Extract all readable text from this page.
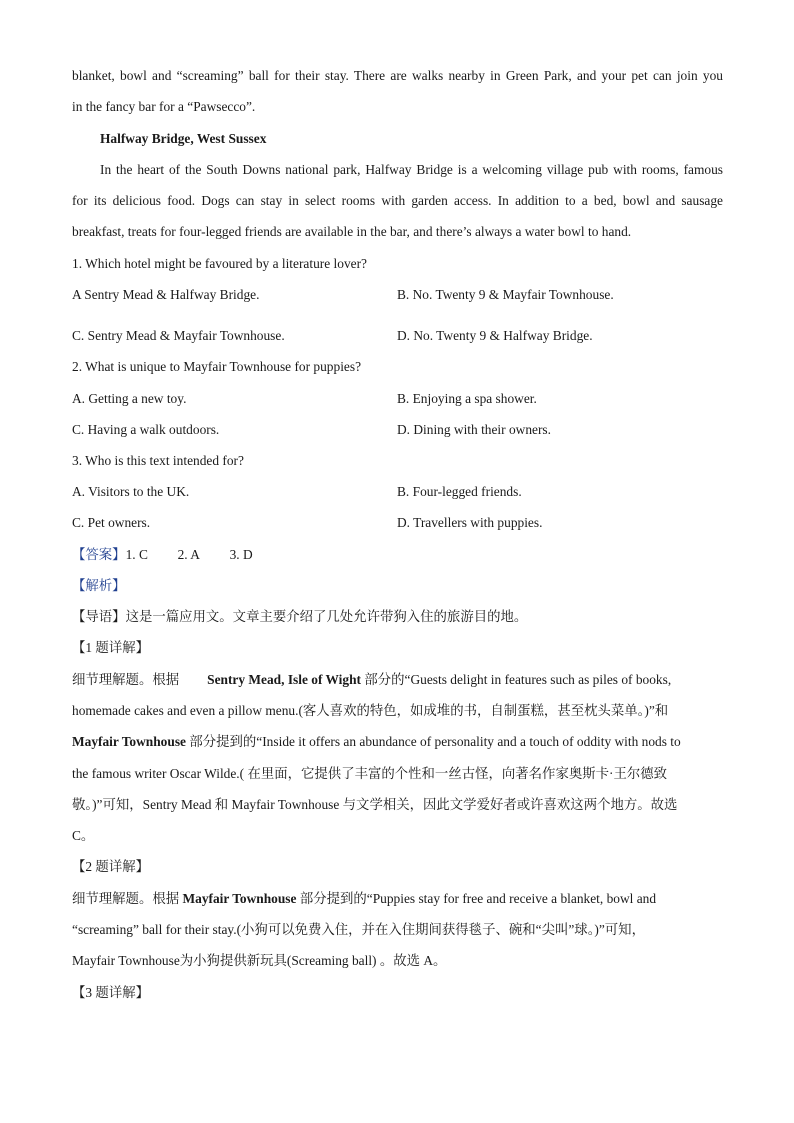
blanket, bowl and “screaming” ball for their stay. There are walks nearby in Green Park, and your pet can join you
in the fancy bar for a “Pawsecco”.
Halfway Bridge, West Sussex
In the heart of the South Downs national park, Halfway Bridge is a welcoming village pub with rooms, famous
for its delicious food. Dogs can stay in select rooms with garden access. In addition to a bed, bowl and sausage
breakfast, treats for four-legged friends are available in the bar, and there’s always a water bowl to hand.
1. Which hotel might be favoured by a literature lover?
A Sentry Mead & Halfway Bridge.	B. No. Twenty 9 & Mayfair Townhouse.
C. Sentry Mead & Mayfair Townhouse.	D. No. Twenty 9 & Halfway Bridge.
2. What is unique to Mayfair Townhouse for puppies?
A. Getting a new toy.	B. Enjoying a spa shower.
C. Having a walk outdoors.	D. Dining with their owners.
3. Who is this text intended for?
A. Visitors to the UK.	B. Four-legged friends.
C. Pet owners.	D. Travellers with puppies.
【答案】1. C 2. A 3. D
【解析】
【导语】这是一篇应用文。文章主要介绍了几处允许带狗入住的旅游目的地。
【1 题详解】
细节理解题。根据 Sentry Mead, Isle of Wight 部分的“Guests delight in features such as piles of books,
homemade cakes and even a pillow menu.(客人喜欢的特色，如成堆的书，自制蛋糕，甚至枕头菜单。)”和
Mayfair Townhouse 部分提到的“Inside it offers an abundance of personality and a touch of oddity with nods to
the famous writer Oscar Wilde.( 在里面，它提供了丰富的个性和一丝古怪，向著名作家奥斯卡·王尔德致
敬。)”可知，Sentry Mead 和 Mayfair Townhouse 与文学相关，因此文学爱好者或许喜欢这两个地方。故选
C。
【2 题详解】
细节理解题。根据 Mayfair Townhouse 部分提到的“Puppies stay for free and receive a blanket, bowl and
“screaming” ball for their stay.(小狗可以免费入住，并在入住期间获得毯子、碗和“尖叫”球。)”可知，
Mayfair Townhouse为小狗提供新玩具(Screaming ball) 。故选 A。
【3 题详解】
